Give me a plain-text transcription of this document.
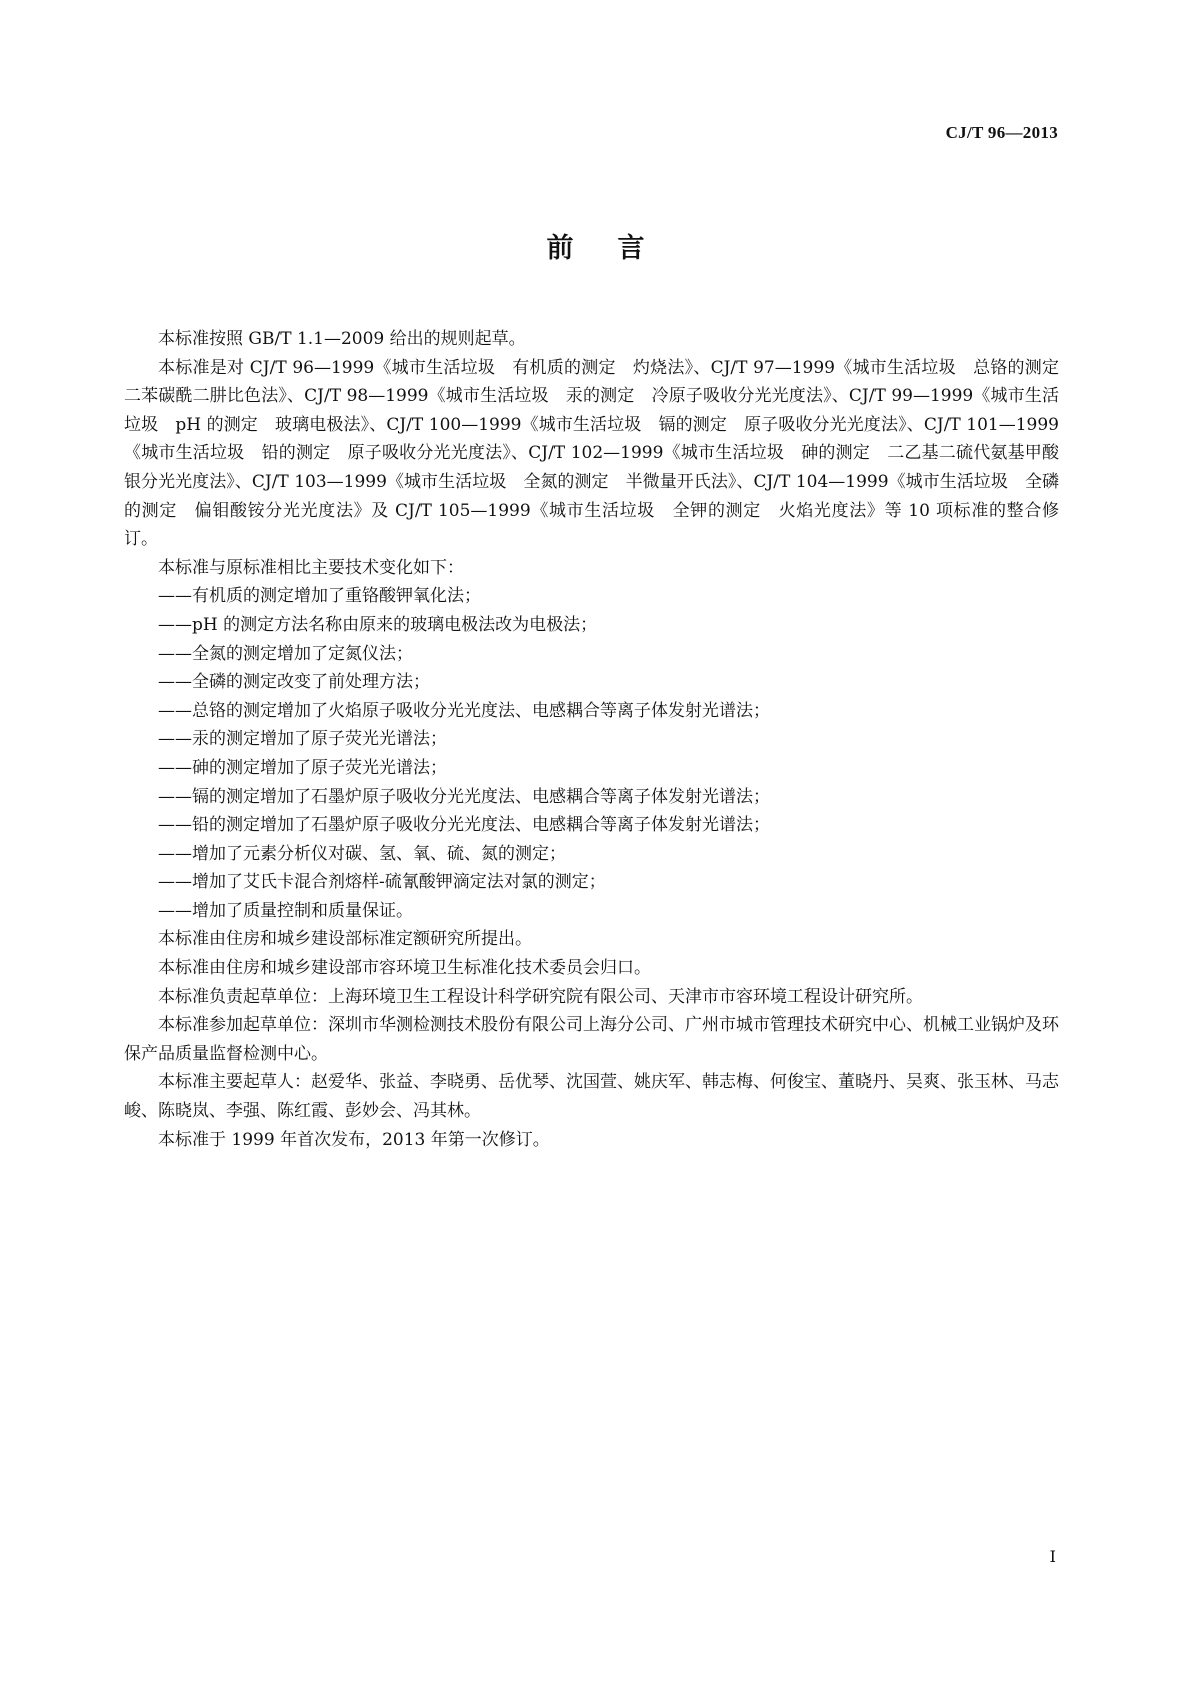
CJ/T 96—2013
前言

本标准按照 GB/T 1.1—2009 给出的规则起草。

本标准是对 CJ/T 96—1999《城市生活垃圾　有机质的测定　灼烧法》、CJ/T 97—1999《城市生活垃圾　总铬的测定　二苯碳酰二肼比色法》、CJ/T 98—1999《城市生活垃圾　汞的测定　冷原子吸收分光光度法》、CJ/T 99—1999《城市生活垃圾　pH 的测定　玻璃电极法》、CJ/T 100—1999《城市生活垃圾　镉的测定　原子吸收分光光度法》、CJ/T 101—1999《城市生活垃圾　铅的测定　原子吸收分光光度法》、CJ/T 102—1999《城市生活垃圾　砷的测定　二乙基二硫代氨基甲酸银分光光度法》、CJ/T 103—1999《城市生活垃圾　全氮的测定　半微量开氏法》、CJ/T 104—1999《城市生活垃圾　全磷的测定　偏钼酸铵分光光度法》及 CJ/T 105—1999《城市生活垃圾　全钾的测定　火焰光度法》等 10 项标准的整合修订。

本标准与原标准相比主要技术变化如下：

——有机质的测定增加了重铬酸钾氧化法；

——pH 的测定方法名称由原来的玻璃电极法改为电极法；

——全氮的测定增加了定氮仪法；

——全磷的测定改变了前处理方法；

——总铬的测定增加了火焰原子吸收分光光度法、电感耦合等离子体发射光谱法；

——汞的测定增加了原子荧光光谱法；

——砷的测定增加了原子荧光光谱法；

——镉的测定增加了石墨炉原子吸收分光光度法、电感耦合等离子体发射光谱法；

——铅的测定增加了石墨炉原子吸收分光光度法、电感耦合等离子体发射光谱法；

——增加了元素分析仪对碳、氢、氧、硫、氮的测定；

——增加了艾氏卡混合剂熔样-硫氰酸钾滴定法对氯的测定；

——增加了质量控制和质量保证。

本标准由住房和城乡建设部标准定额研究所提出。

本标准由住房和城乡建设部市容环境卫生标准化技术委员会归口。

本标准负责起草单位：上海环境卫生工程设计科学研究院有限公司、天津市市容环境工程设计研究所。

本标准参加起草单位：深圳市华测检测技术股份有限公司上海分公司、广州市城市管理技术研究中心、机械工业锅炉及环保产品质量监督检测中心。

本标准主要起草人：赵爱华、张益、李晓勇、岳优琴、沈国萱、姚庆军、韩志梅、何俊宝、董晓丹、吴爽、张玉林、马志峻、陈晓岚、李强、陈红霞、彭妙会、冯其林。

本标准于 1999 年首次发布，2013 年第一次修订。

I
